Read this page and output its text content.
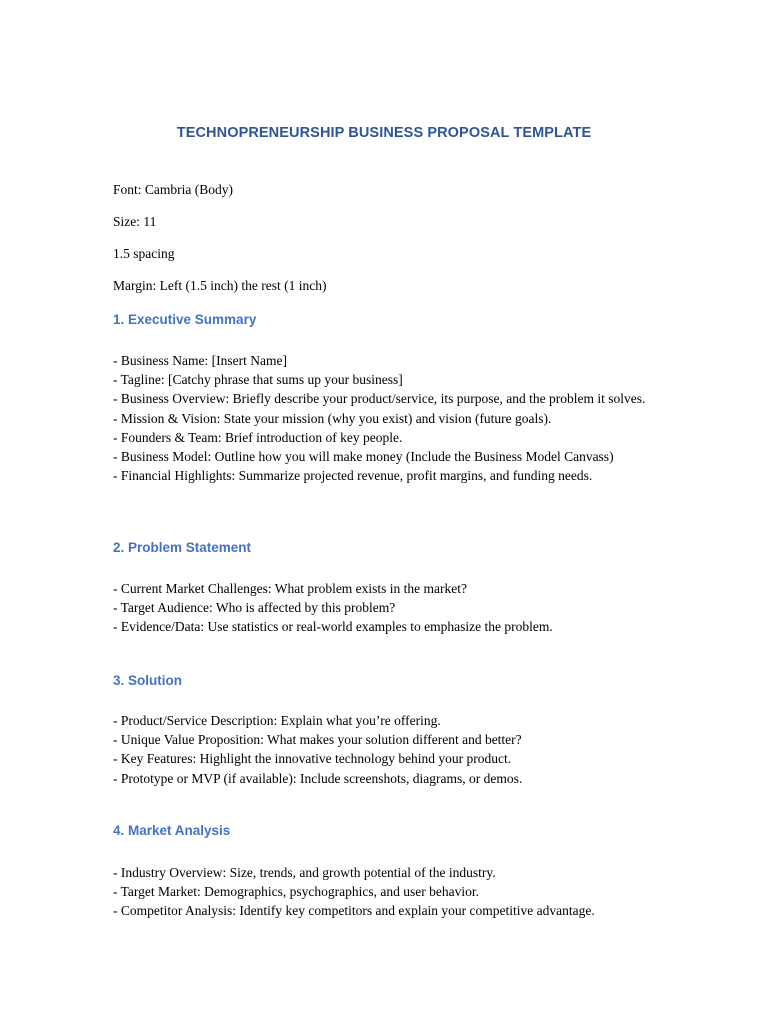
TECHNOPRENEURSHIP BUSINESS PROPOSAL TEMPLATE
Font: Cambria (Body)
Size: 11
1.5 spacing
Margin: Left (1.5 inch) the rest (1 inch)
1. Executive Summary
- Business Name: [Insert Name]
- Tagline: [Catchy phrase that sums up your business]
- Business Overview: Briefly describe your product/service, its purpose, and the problem it solves.
- Mission & Vision: State your mission (why you exist) and vision (future goals).
- Founders & Team: Brief introduction of key people.
- Business Model: Outline how you will make money (Include the Business Model Canvass)
- Financial Highlights: Summarize projected revenue, profit margins, and funding needs.
2. Problem Statement
- Current Market Challenges: What problem exists in the market?
- Target Audience: Who is affected by this problem?
- Evidence/Data: Use statistics or real-world examples to emphasize the problem.
3. Solution
- Product/Service Description: Explain what you’re offering.
- Unique Value Proposition: What makes your solution different and better?
- Key Features: Highlight the innovative technology behind your product.
- Prototype or MVP (if available): Include screenshots, diagrams, or demos.
4. Market Analysis
- Industry Overview: Size, trends, and growth potential of the industry.
- Target Market: Demographics, psychographics, and user behavior.
- Competitor Analysis: Identify key competitors and explain your competitive advantage.
